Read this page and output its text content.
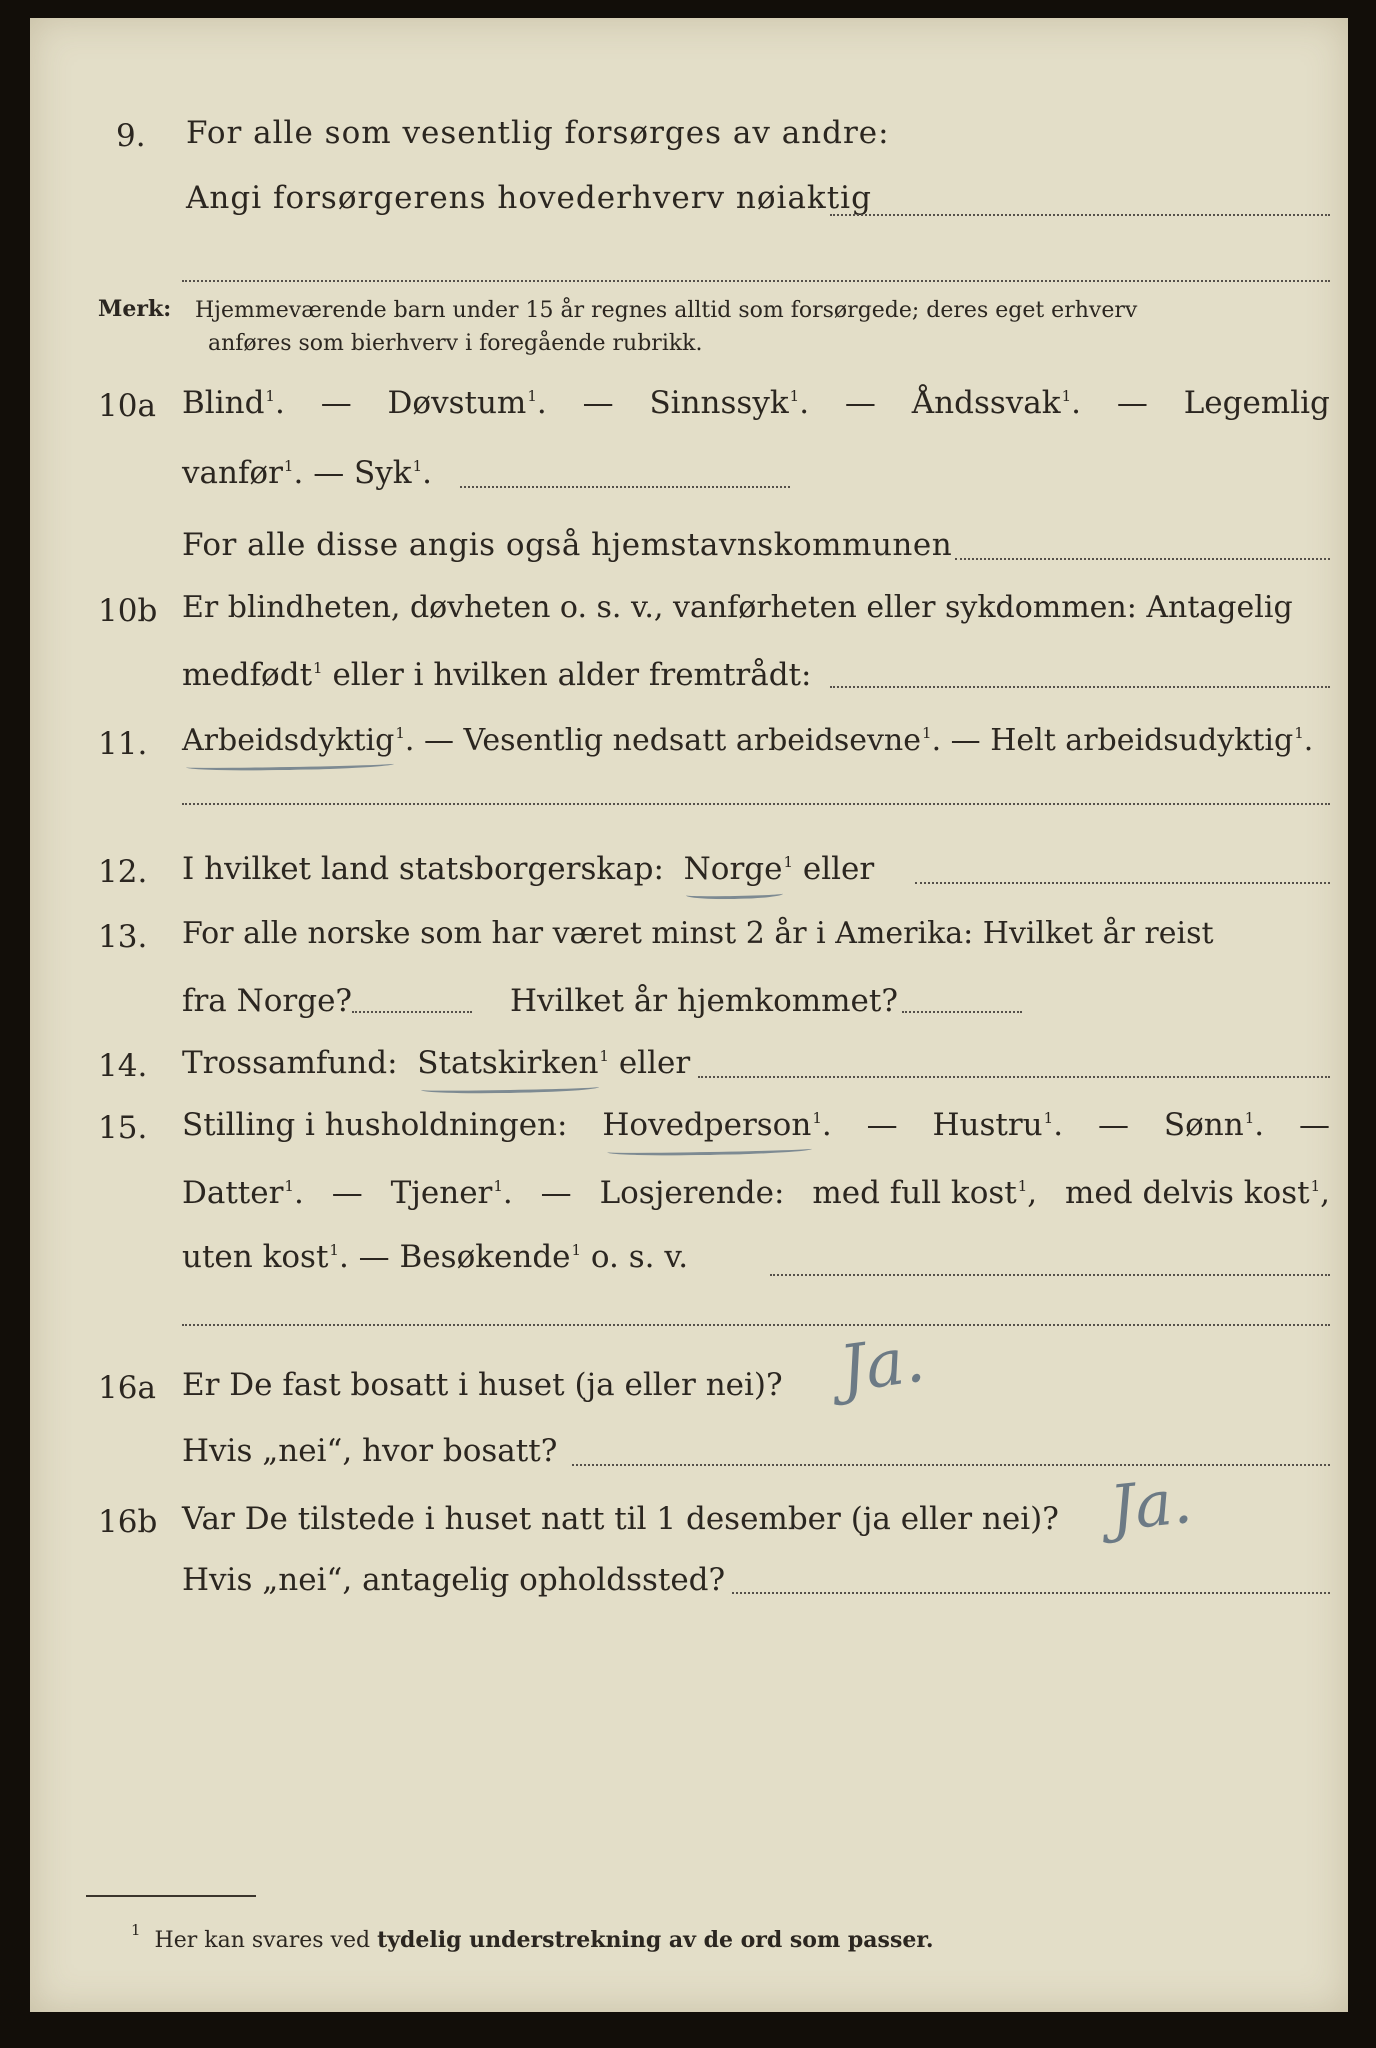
9. For alle som vesentlig forsørges av andre:
Angi forsørgerens hovederhverv nøiaktig
Merk: Hjemmeværende barn under 15 år regnes alltid som forsørgede; deres eget erhverv
anføres som bierhverv i foregående rubrikk.
10a Blind$^1$. — Døvstum$^1$. — Sinnssyk$^1$. — Åndssvak$^1$. — Legemlig
vanfør$^1$. — Syk$^1$.
For alle disse angis også hjemstavnskommunen
10b Er blindheten, døvheten o. s. v., vanførheten eller sykdommen: Antagelig
medfødt$^1$ eller i hvilken alder fremtrådt:
11. Arbeidsdyktig$^1$. — Vesentlig nedsatt arbeidsevne$^1$. — Helt arbeidsudyktig$^1$.
12. I hvilket land statsborgerskap: Norge$^1$ eller
13. For alle norske som har været minst 2 år i Amerika: Hvilket år reist
fra Norge?	Hvilket år hjemkommet?
14. Trossamfund: Statskirken$^1$ eller
15. Stilling i husholdningen: Hovedperson$^1$. — Hustru$^1$. — Sønn$^1$. —
Datter$^1$. — Tjener$^1$. — Losjerende: med full kost$^1$, med delvis kost$^1$,
uten kost$^1$. — Besøkende$^1$ o. s. v.
16a Er De fast bosatt i huset (ja eller nei)? Ja.
Hvis „nei“, hvor bosatt?
16b Var De tilstede i huset natt til 1 desember (ja eller nei)? Ja.
Hvis „nei“, antagelig opholdssted?
$^1$ Her kan svares ved tydelig understrekning av de ord som passer.
